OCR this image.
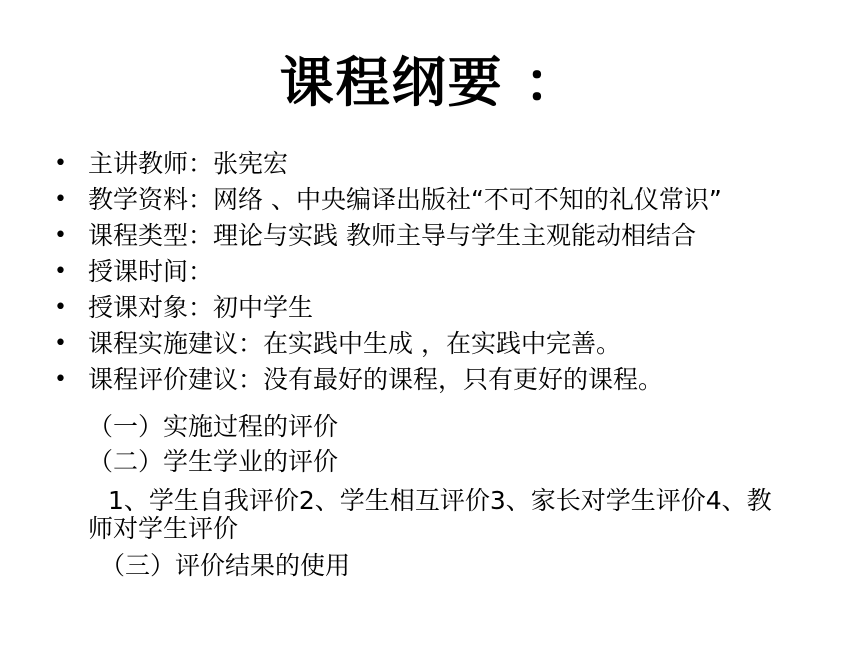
课程纲要 ：
• 主讲教师：张宪宏
• 教学资料：网络 、中央编译出版社“不可不知的礼仪常识”
• 课程类型：理论与实践 教师主导与学生主观能动相结合
• 授课时间：
• 授课对象：初中学生
• 课程实施建议：在实践中生成 ，在实践中完善。
• 课程评价建议：没有最好的课程，只有更好的课程。
（一）实施过程的评价
（二）学生学业的评价
1、学生自我评价2、学生相互评价3、家长对学生评价4、教师对学生评价
（三）评价结果的使用
